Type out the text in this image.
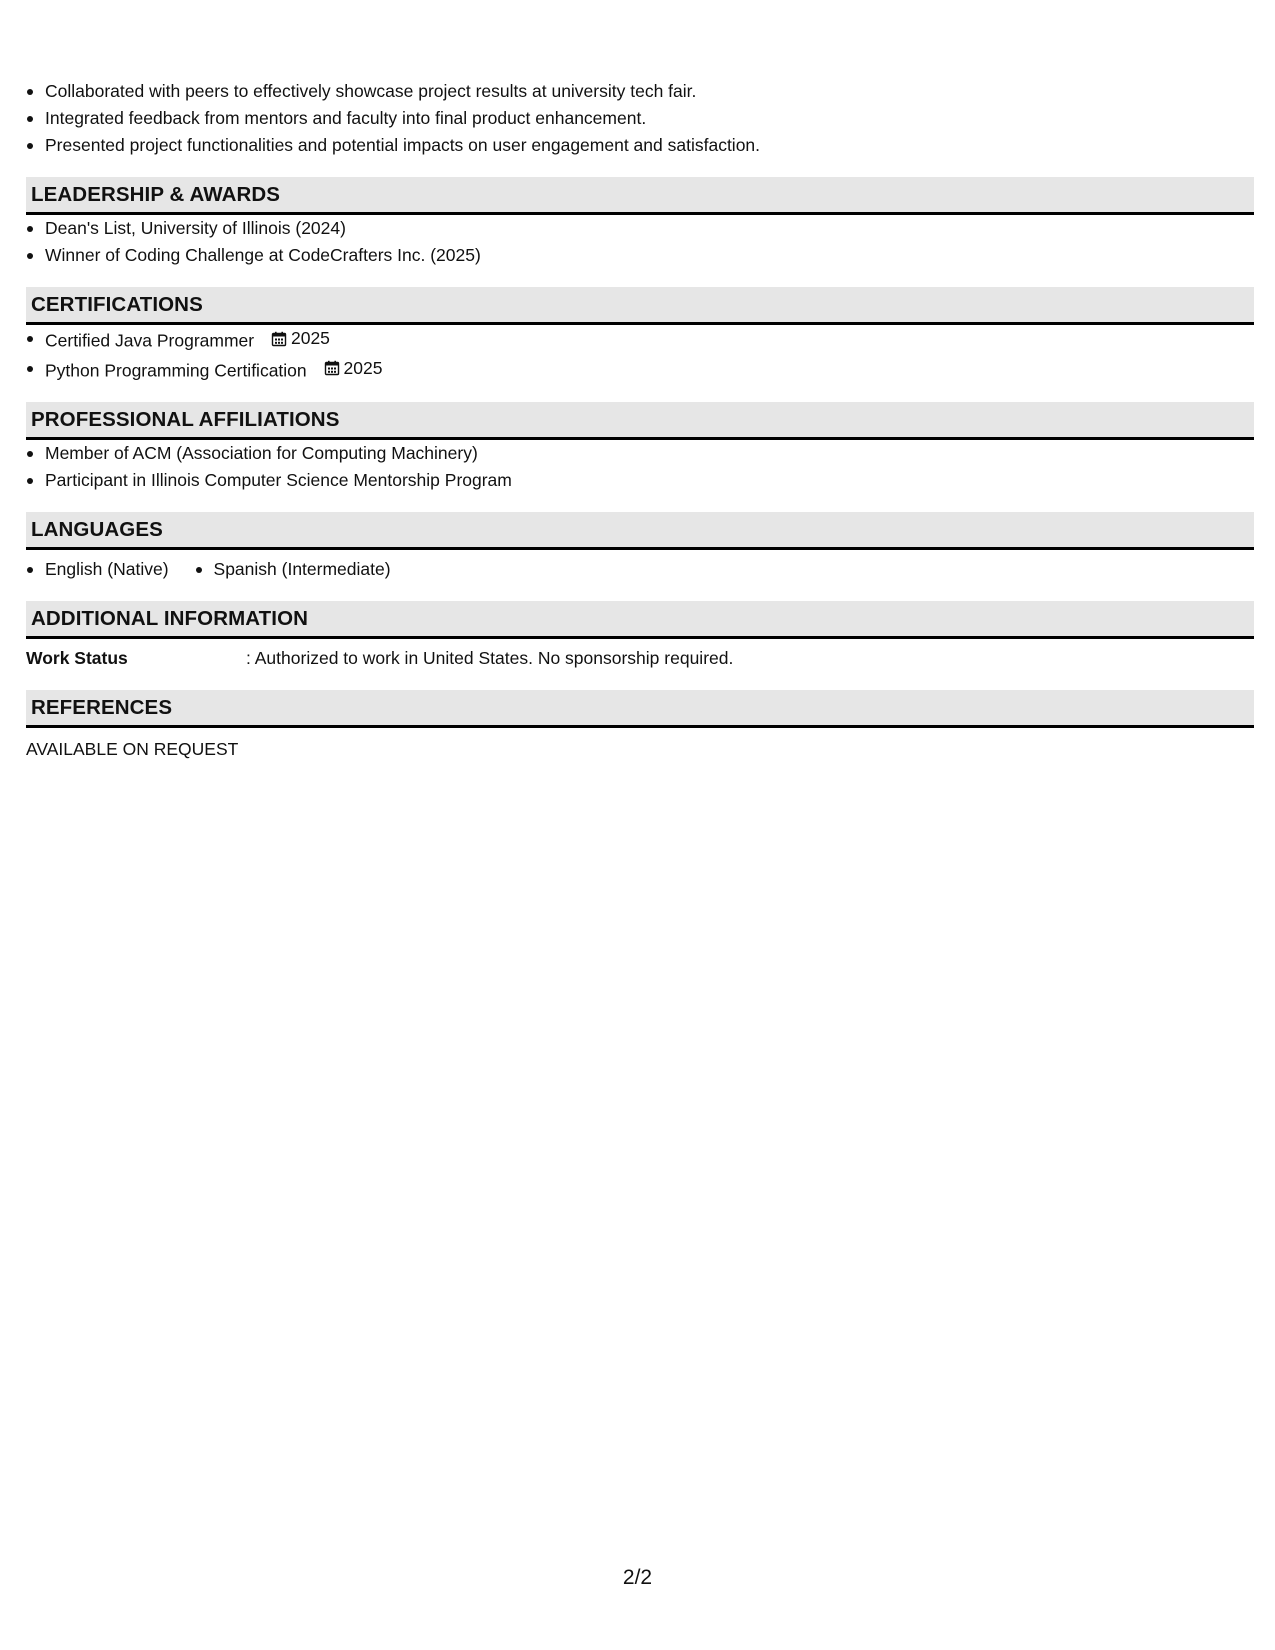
Collaborated with peers to effectively showcase project results at university tech fair.
Integrated feedback from mentors and faculty into final product enhancement.
Presented project functionalities and potential impacts on user engagement and satisfaction.
LEADERSHIP & AWARDS
Dean's List, University of Illinois (2024)
Winner of Coding Challenge at CodeCrafters Inc. (2025)
CERTIFICATIONS
Certified Java Programmer 2025
Python Programming Certification 2025
PROFESSIONAL AFFILIATIONS
Member of ACM (Association for Computing Machinery)
Participant in Illinois Computer Science Mentorship Program
LANGUAGES
English (Native)	Spanish (Intermediate)
ADDITIONAL INFORMATION
Work Status	: Authorized to work in United States. No sponsorship required.
REFERENCES
AVAILABLE ON REQUEST
2/2
